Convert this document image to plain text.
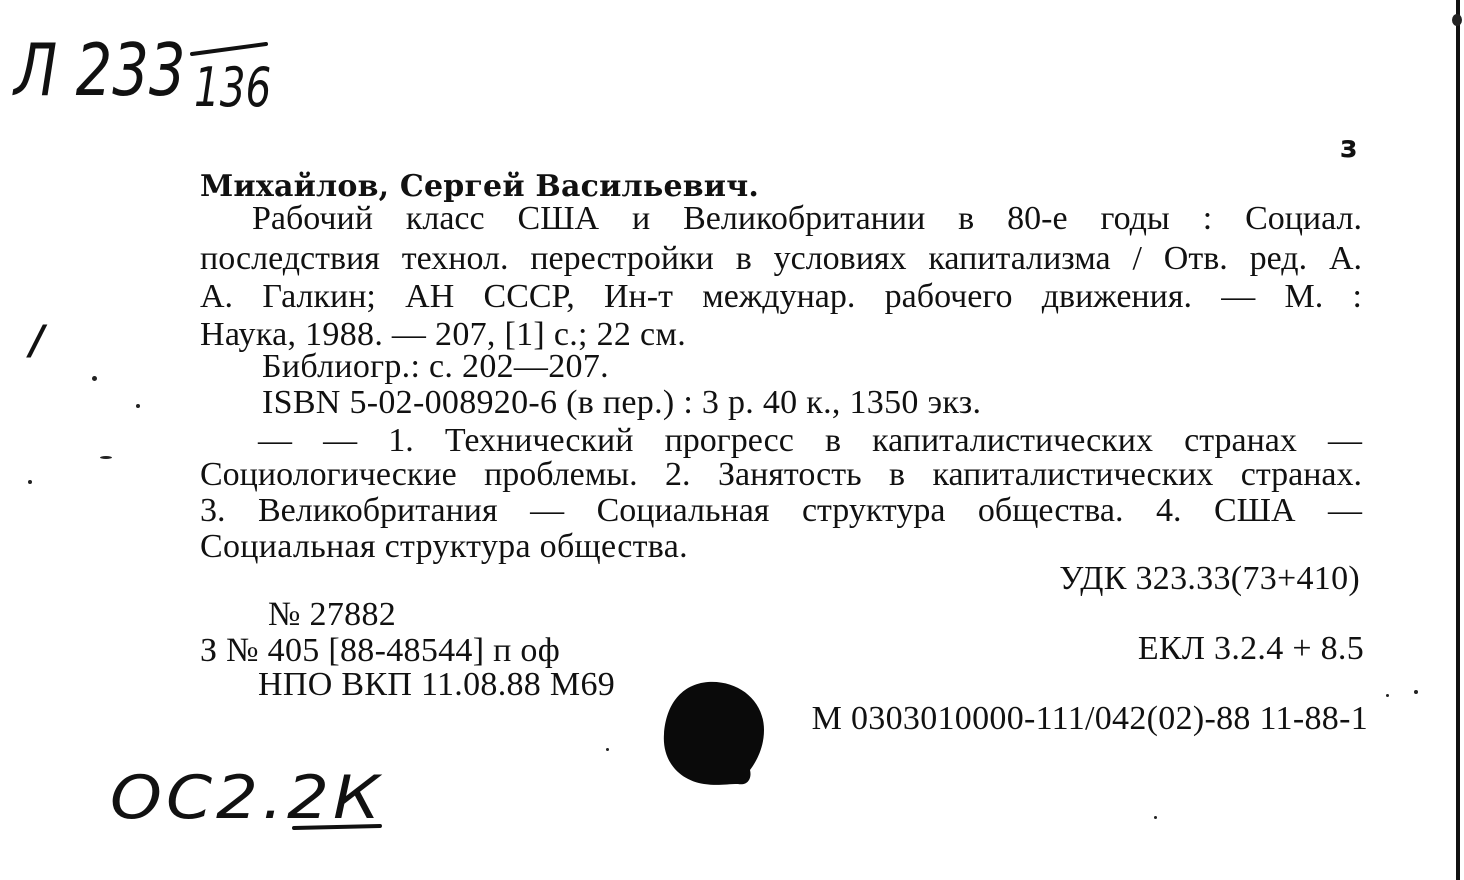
Л 233 136
з
/
Михайлов, Сергей Васильевич.
Рабочий класс США и Великобритании в 80-е годы : Социал.
последствия технол. перестройки в условиях капитализма / Отв. ред. А.
А. Галкин; АН СССР, Ин-т междунар. рабочего движения. — М. :
Наука, 1988. — 207, [1] с.; 22 см.
Библиогр.: с. 202—207.
ISBN 5-02-008920-6 (в пер.) : 3 р. 40 к., 1350 экз.
— — 1. Технический прогресс в капиталистических странах —
Социологические проблемы. 2. Занятость в капиталистических странах.
3. Великобритания — Социальная структура общества. 4. США —
Социальная структура общества.
УДК 323.33(73+410)
№ 27882
З № 405 [88-48544] п оф	ЕКЛ 3.2.4 + 8.5
НПО ВКП 11.08.88 М69
М 0303010000-111/042(02)-88 11-88-1
ОС2.2К
